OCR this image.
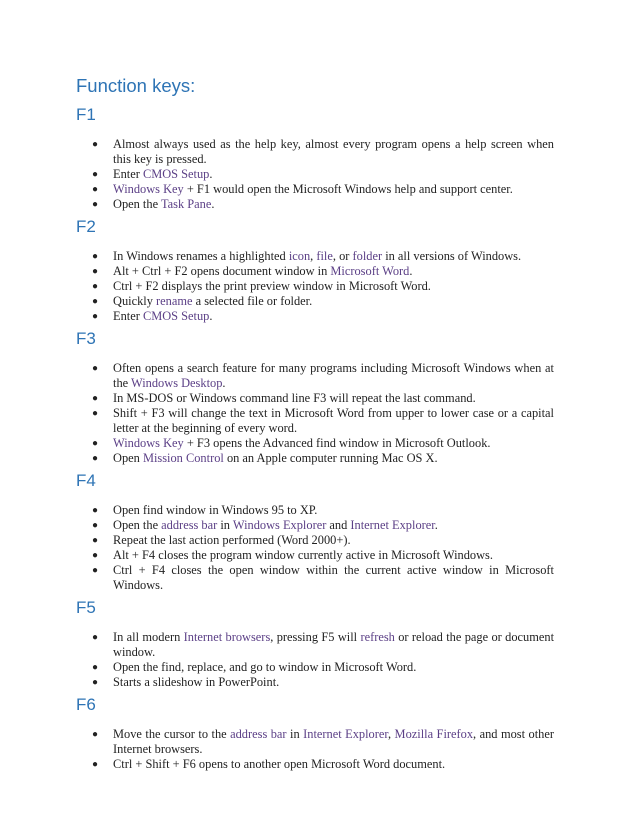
Function keys:
F1
● Almost always used as the help key, almost every program opens a help screen when this key is pressed.
● Enter CMOS Setup.
● Windows Key + F1 would open the Microsoft Windows help and support center.
● Open the Task Pane.
F2
● In Windows renames a highlighted icon, file, or folder in all versions of Windows.
● Alt + Ctrl + F2 opens document window in Microsoft Word.
● Ctrl + F2 displays the print preview window in Microsoft Word.
● Quickly rename a selected file or folder.
● Enter CMOS Setup.
F3
● Often opens a search feature for many programs including Microsoft Windows when at the Windows Desktop.
● In MS-DOS or Windows command line F3 will repeat the last command.
● Shift + F3 will change the text in Microsoft Word from upper to lower case or a capital letter at the beginning of every word.
● Windows Key + F3 opens the Advanced find window in Microsoft Outlook.
● Open Mission Control on an Apple computer running Mac OS X.
F4
● Open find window in Windows 95 to XP.
● Open the address bar in Windows Explorer and Internet Explorer.
● Repeat the last action performed (Word 2000+).
● Alt + F4 closes the program window currently active in Microsoft Windows.
● Ctrl + F4 closes the open window within the current active window in Microsoft Windows.
F5
● In all modern Internet browsers, pressing F5 will refresh or reload the page or document window.
● Open the find, replace, and go to window in Microsoft Word.
● Starts a slideshow in PowerPoint.
F6
● Move the cursor to the address bar in Internet Explorer, Mozilla Firefox, and most other Internet browsers.
● Ctrl + Shift + F6 opens to another open Microsoft Word document.
